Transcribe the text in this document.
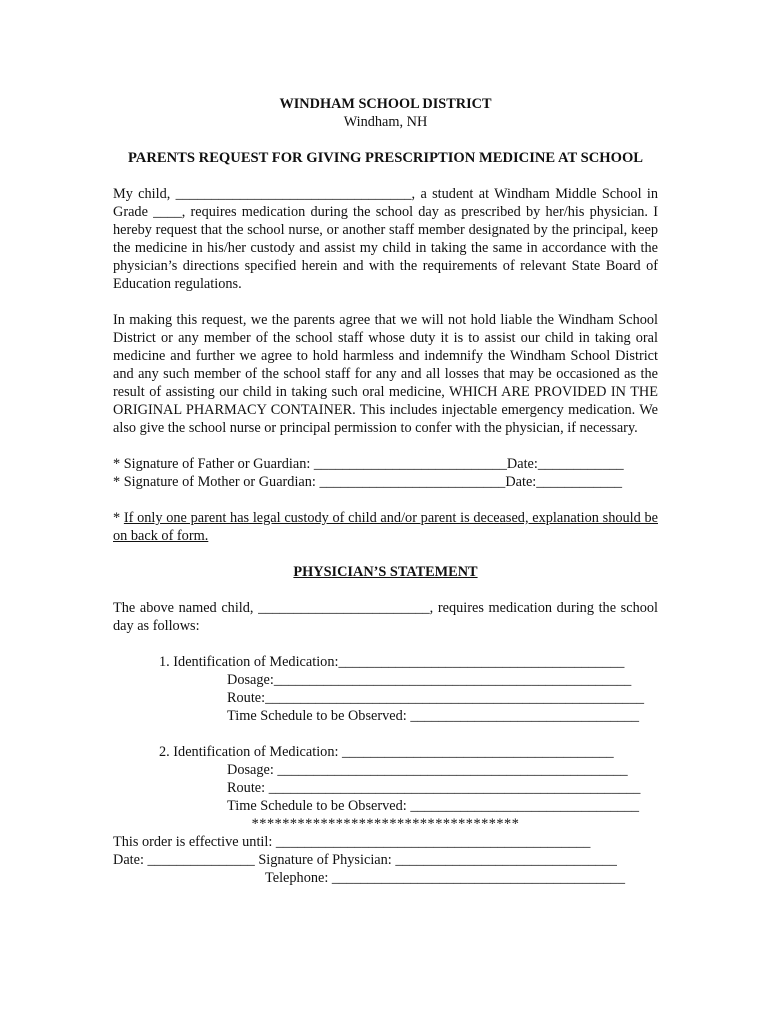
WINDHAM SCHOOL DISTRICT
Windham, NH
PARENTS REQUEST FOR GIVING PRESCRIPTION MEDICINE AT SCHOOL

My child, _________________________________, a student at Windham Middle School in Grade ____, requires medication during the school day as prescribed by her/his physician. I hereby request that the school nurse, or another staff member designated by the principal, keep the medicine in his/her custody and assist my child in taking the same in accordance with the physician’s directions specified herein and with the requirements of relevant State Board of Education regulations.

In making this request, we the parents agree that we will not hold liable the Windham School District or any member of the school staff whose duty it is to assist our child in taking oral medicine and further we agree to hold harmless and indemnify the Windham School District and any such member of the school staff for any and all losses that may be occasioned as the result of assisting our child in taking such oral medicine, WHICH ARE PROVIDED IN THE ORIGINAL PHARMACY CONTAINER. This includes injectable emergency medication. We also give the school nurse or principal permission to confer with the physician, if necessary.

* Signature of Father or Guardian: ___________________________Date:____________
* Signature of Mother or Guardian: __________________________Date:____________

* If only one parent has legal custody of child and/or parent is deceased, explanation should be on back of form.

PHYSICIAN’S STATEMENT

The above named child, ________________________, requires medication during the school day as follows:

1. Identification of Medication:________________________________________
Dosage:__________________________________________________
Route:_____________________________________________________
Time Schedule to be Observed: ________________________________
2. Identification of Medication: ______________________________________
Dosage: _________________________________________________
Route: ____________________________________________________
Time Schedule to be Observed: ________________________________
***********************************
This order is effective until: ____________________________________________
Date: _______________ Signature of Physician: _______________________________
Telephone: _________________________________________
